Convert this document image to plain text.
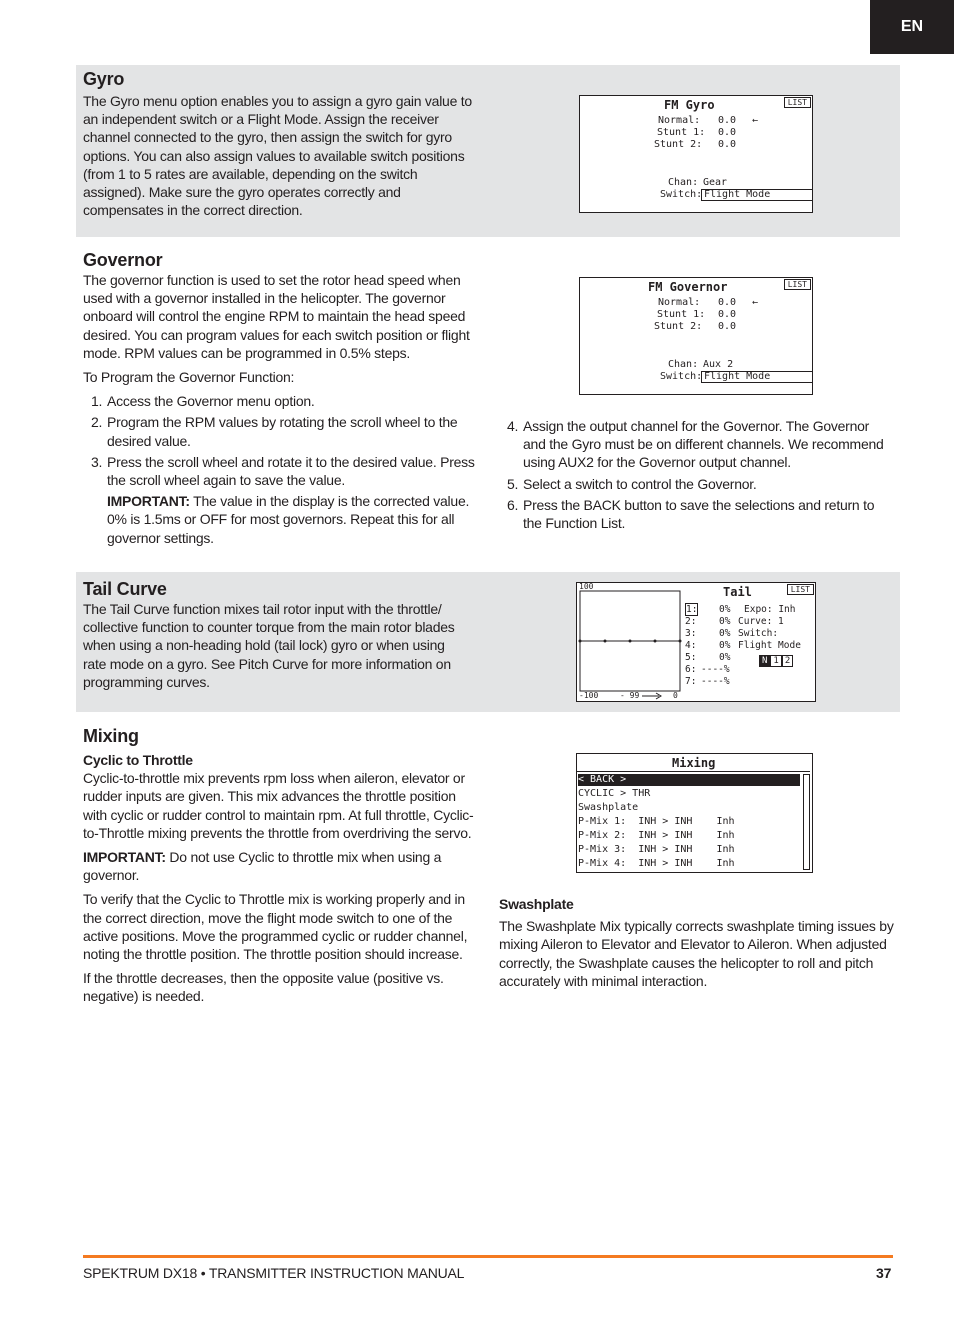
EN
Gyro
The Gyro menu option enables you to assign a gyro gain value to an independent switch or a Flight Mode. Assign the receiver channel connected to the gyro, then assign the switch for gyro options. You can also assign values to available switch positions (from 1 to 5 rates are available, depending on the switch assigned). Make sure the gyro operates correctly and compensates in the correct direction.
LIST
FM Gyro
Normal: 0.0 ←
Stunt 1: 0.0
Stunt 2: 0.0
Chan: Gear
Switch: Flight Mode
Governor

The governor function is used to set the rotor head speed when used with a governor installed in the helicopter. The governor onboard will control the engine RPM to maintain the head speed desired. You can program values for each switch position or flight mode. RPM values can be programmed in 0.5% steps.

To Program the Governor Function:

1. Access the Governor menu option.
2. Program the RPM values by rotating the scroll wheel to the desired value.
3. Press the scroll wheel and rotate it to the desired value. Press the scroll wheel again to save the value.
IMPORTANT: The value in the display is the corrected value. 0% is 1.5ms or OFF for most governors. Repeat this for all governor settings.
LIST
FM Governor
Normal: 0.0 ←
Stunt 1: 0.0
Stunt 2: 0.0
Chan: Aux 2
Switch: Flight Mode
4. Assign the output channel for the Governor. The Governor and the Gyro must be on different channels. We recommend using AUX2 for the Governor output channel.
5. Select a switch to control the Governor.
6. Press the BACK button to save the selections and return to the Function List.
Tail Curve
The Tail Curve function mixes tail rotor input with the throttle/ collective function to counter torque from the main rotor blades when using a non-heading hold (tail lock) gyro or when using rate mode on a gyro. See Pitch Curve for more information on programming curves.
LIST
Tail
100
-100	- 99	0
1: 0%
2: 0%
3: 0%
4: 0%
5: 0%
6: ----%
7: ----%
Expo: Inh
Curve: 1
Switch:
Flight Mode
N 1 2
Mixing
Cyclic to Throttle

Cyclic-to-throttle mix prevents rpm loss when aileron, elevator or rudder inputs are given. This mix advances the throttle position with cyclic or rudder control to maintain rpm. At full throttle, Cyclic-to-Throttle mixing prevents the throttle from overdriving the servo.

IMPORTANT: Do not use Cyclic to throttle mix when using a governor.

To verify that the Cyclic to Throttle mix is working properly and in the correct direction, move the flight mode switch to one of the active positions. Move the programmed cyclic or rudder channel, noting the throttle position. The throttle position should increase.

If the throttle decreases, then the opposite value (positive vs. negative) is needed.

Mixing
< BACK >
CYCLIC > THR
Swashplate
P-Mix 1:  INH > INH    Inh
P-Mix 2:  INH > INH    Inh
P-Mix 3:  INH > INH    Inh
P-Mix 4:  INH > INH    Inh
Swashplate

The Swashplate Mix typically corrects swashplate timing issues by mixing Aileron to Elevator and Elevator to Aileron. When adjusted correctly, the Swashplate causes the helicopter to roll and pitch accurately with minimal interaction.

SPEKTRUM DX18 • TRANSMITTER INSTRUCTION MANUAL	37
